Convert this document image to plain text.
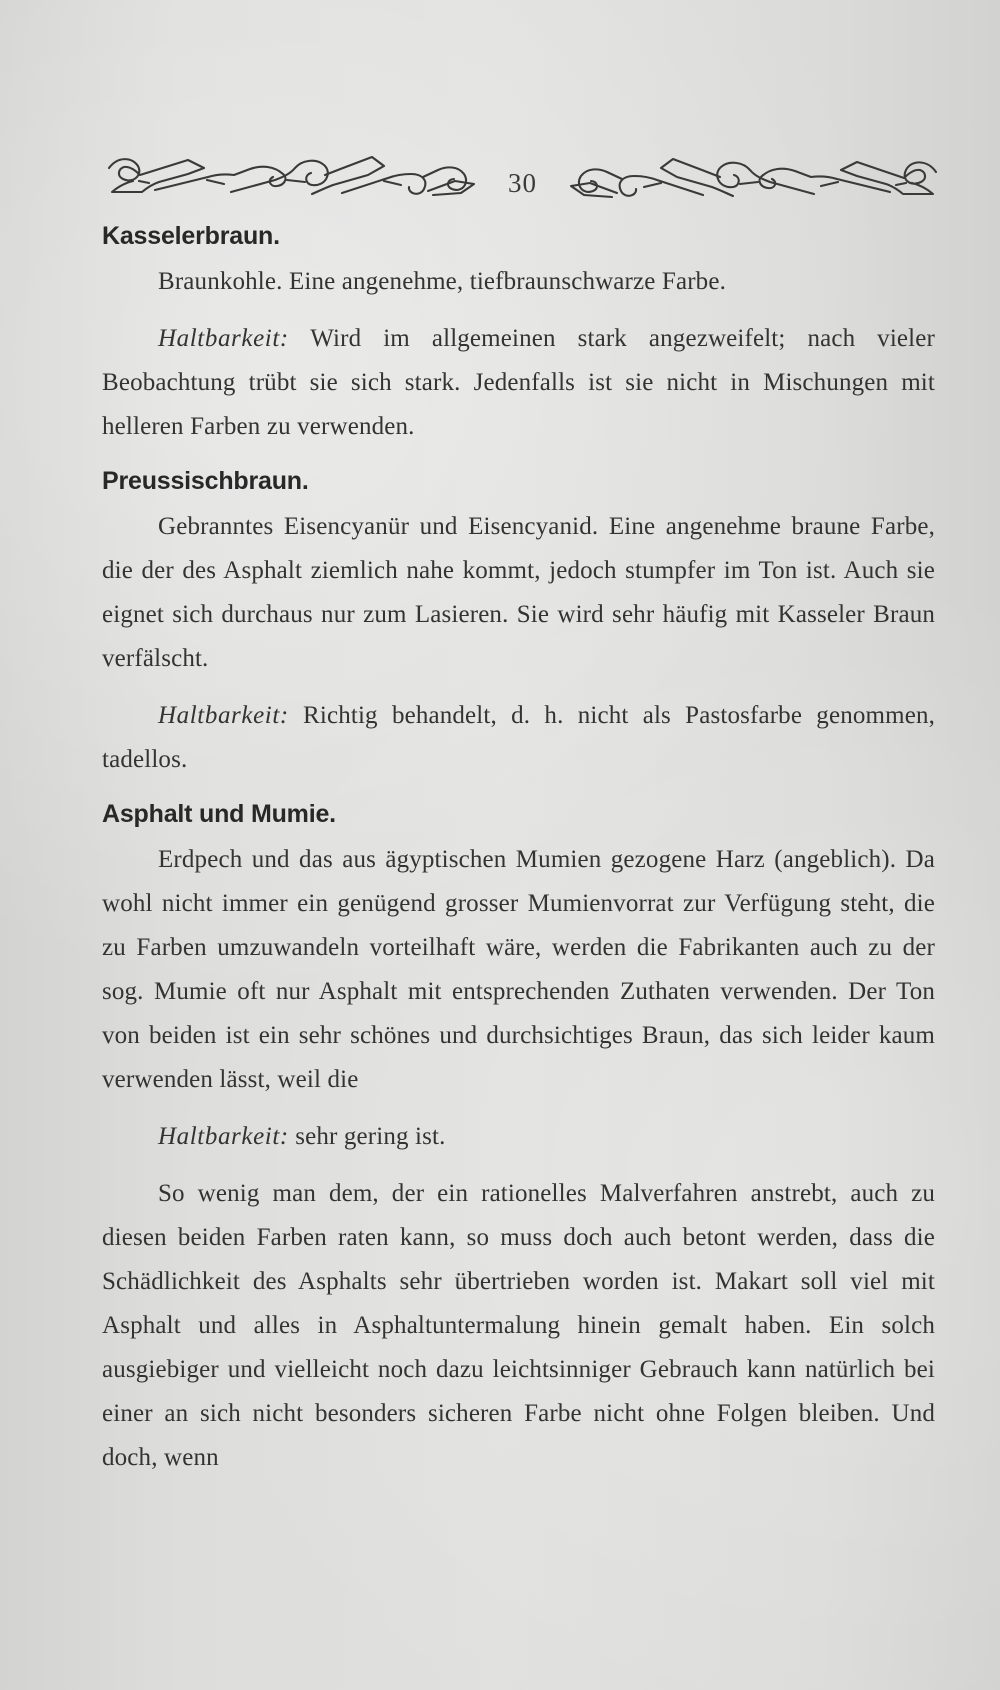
30
Kasselerbraun.

Braunkohle. Eine angenehme, tiefbraunschwarze Farbe.

Haltbarkeit: Wird im allgemeinen stark angezweifelt; nach vieler Beobachtung trübt sie sich stark. Jedenfalls ist sie nicht in Mischungen mit helleren Farben zu verwenden.

Preussischbraun.

Gebranntes Eisencyanür und Eisencyanid. Eine angenehme braune Farbe, die der des Asphalt ziemlich nahe kommt, jedoch stumpfer im Ton ist. Auch sie eignet sich durchaus nur zum Lasieren. Sie wird sehr häufig mit Kasseler Braun verfälscht.

Haltbarkeit: Richtig behandelt, d. h. nicht als Pastosfarbe genommen, tadellos.

Asphalt und Mumie.

Erdpech und das aus ägyptischen Mumien gezogene Harz (angeblich). Da wohl nicht immer ein genügend grosser Mumienvorrat zur Verfügung steht, die zu Farben umzuwandeln vorteilhaft wäre, werden die Fabrikanten auch zu der sog. Mumie oft nur Asphalt mit entsprechenden Zuthaten verwenden. Der Ton von beiden ist ein sehr schönes und durchsichtiges Braun, das sich leider kaum verwenden lässt, weil die

Haltbarkeit: sehr gering ist.

So wenig man dem, der ein rationelles Malverfahren anstrebt, auch zu diesen beiden Farben raten kann, so muss doch auch betont werden, dass die Schädlichkeit des Asphalts sehr übertrieben worden ist. Makart soll viel mit Asphalt und alles in Asphaltuntermalung hinein gemalt haben. Ein solch ausgiebiger und vielleicht noch dazu leichtsinniger Gebrauch kann natürlich bei einer an sich nicht besonders sicheren Farbe nicht ohne Folgen bleiben. Und doch, wenn
